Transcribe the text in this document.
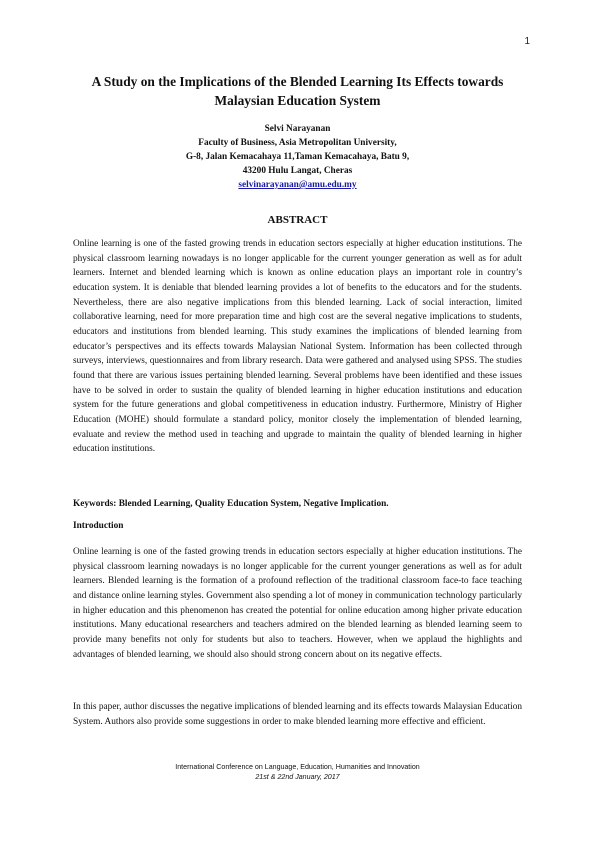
1
A Study on the Implications of the Blended Learning Its Effects towards Malaysian Education System
Selvi Narayanan
Faculty of Business, Asia Metropolitan University,
G-8, Jalan Kemacahaya 11,Taman Kemacahaya, Batu 9,
43200 Hulu Langat, Cheras
selvinarayanan@amu.edu.my
ABSTRACT

Online learning is one of the fasted growing trends in education sectors especially at higher education institutions. The physical classroom learning nowadays is no longer applicable for the current younger generation as well as for adult learners. Internet and blended learning which is known as online education plays an important role in country’s education system. It is deniable that blended learning provides a lot of benefits to the educators and for the students. Nevertheless, there are also negative implications from this blended learning. Lack of social interaction, limited collaborative learning, need for more preparation time and high cost are the several negative implications to students, educators and institutions from blended learning. This study examines the implications of blended learning from educator’s perspectives and its effects towards Malaysian National System. Information has been collected through surveys, interviews, questionnaires and from library research. Data were gathered and analysed using SPSS. The studies found that there are various issues pertaining blended learning. Several problems have been identified and these issues have to be solved in order to sustain the quality of blended learning in higher education institutions and education system for the future generations and global competitiveness in education industry. Furthermore, Ministry of Higher Education (MOHE) should formulate a standard policy, monitor closely the implementation of blended learning, evaluate and review the method used in teaching and upgrade to maintain the quality of blended learning in higher education institutions.

Keywords: Blended Learning, Quality Education System, Negative Implication.

Introduction

Online learning is one of the fasted growing trends in education sectors especially at higher education institutions. The physical classroom learning nowadays is no longer applicable for the current younger generations as well as for adult learners. Blended learning is the formation of a profound reflection of the traditional classroom face-to face teaching and distance online learning styles. Government also spending a lot of money in communication technology particularly in higher education and this phenomenon has created the potential for online education among higher private education institutions. Many educational researchers and teachers admired on the blended learning as blended learning seem to provide many benefits not only for students but also to teachers. However, when we applaud the highlights and advantages of blended learning, we should also should strong concern about on its negative effects.

In this paper, author discusses the negative implications of blended learning and its effects towards Malaysian Education System. Authors also provide some suggestions in order to make blended learning more effective and efficient.

International Conference on Language, Education, Humanities and Innovation
21st & 22nd January, 2017
